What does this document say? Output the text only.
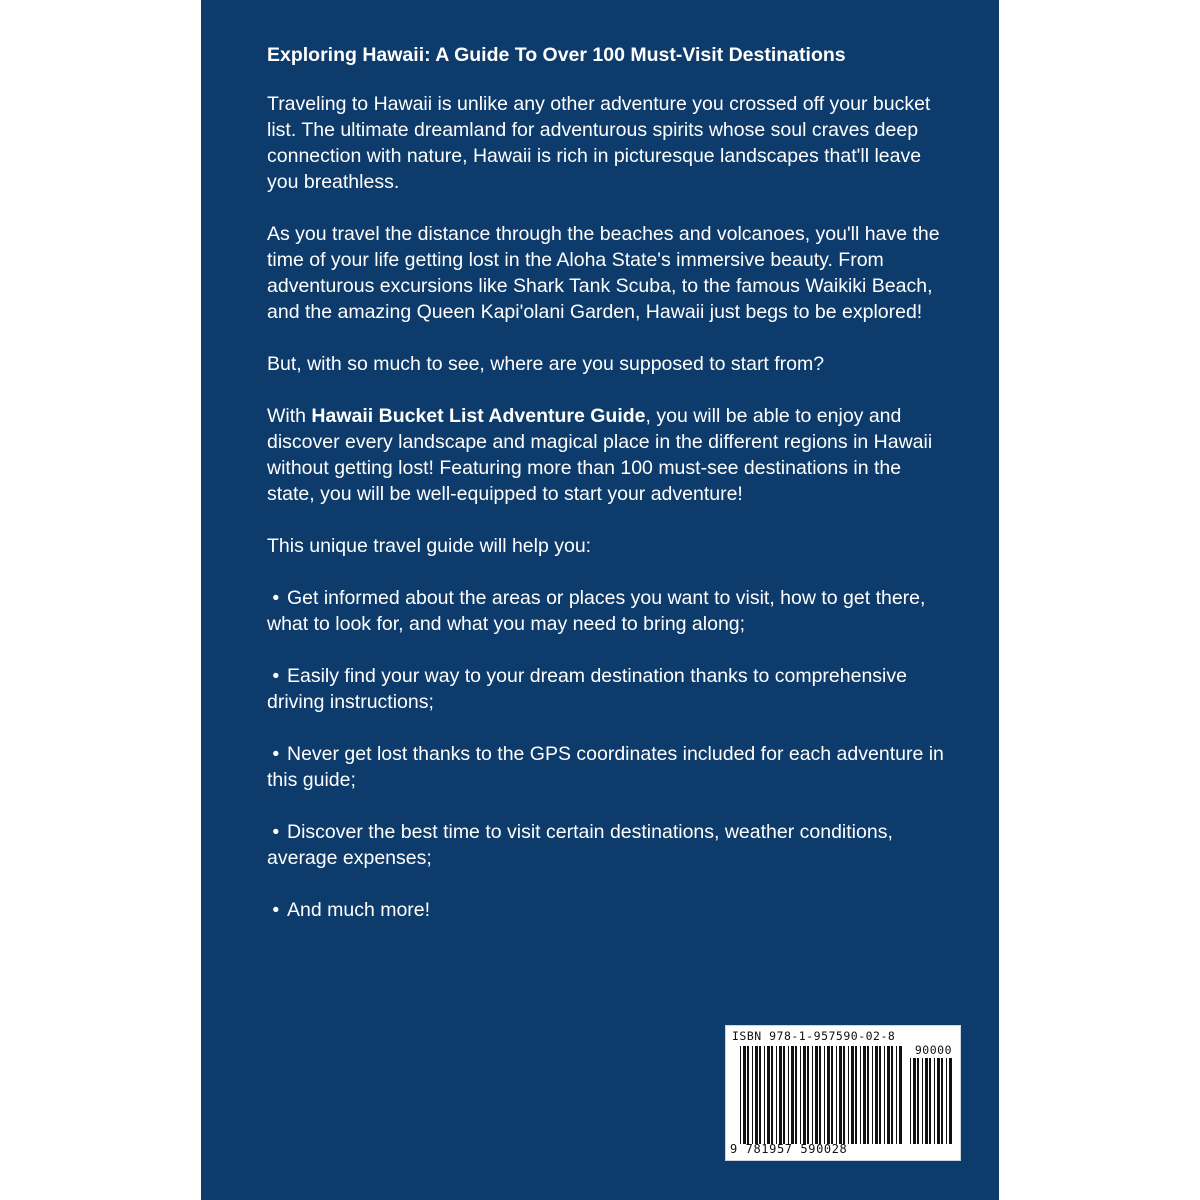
Exploring Hawaii: A Guide To Over 100 Must-Visit Destinations

Traveling to Hawaii is unlike any other adventure you crossed off your bucket list. The ultimate dreamland for adventurous spirits whose soul craves deep connection with nature, Hawaii is rich in picturesque landscapes that'll leave you breathless.

As you travel the distance through the beaches and volcanoes, you'll have the time of your life getting lost in the Aloha State's immersive beauty. From adventurous excursions like Shark Tank Scuba, to the famous Waikiki Beach, and the amazing Queen Kapi'olani Garden, Hawaii just begs to be explored!

But, with so much to see, where are you supposed to start from?

With Hawaii Bucket List Adventure Guide, you will be able to enjoy and discover every landscape and magical place in the different regions in Hawaii without getting lost! Featuring more than 100 must-see destinations in the state, you will be well-equipped to start your adventure!

This unique travel guide will help you:

• Get informed about the areas or places you want to visit, how to get there, what to look for, and what you may need to bring along;
• Easily find your way to your dream destination thanks to comprehensive driving instructions;
• Never get lost thanks to the GPS coordinates included for each adventure in this guide;
• Discover the best time to visit certain destinations, weather conditions, average expenses;
• And much more!
ISBN 978-1-957590-02-8
90000
9 781957 590028
